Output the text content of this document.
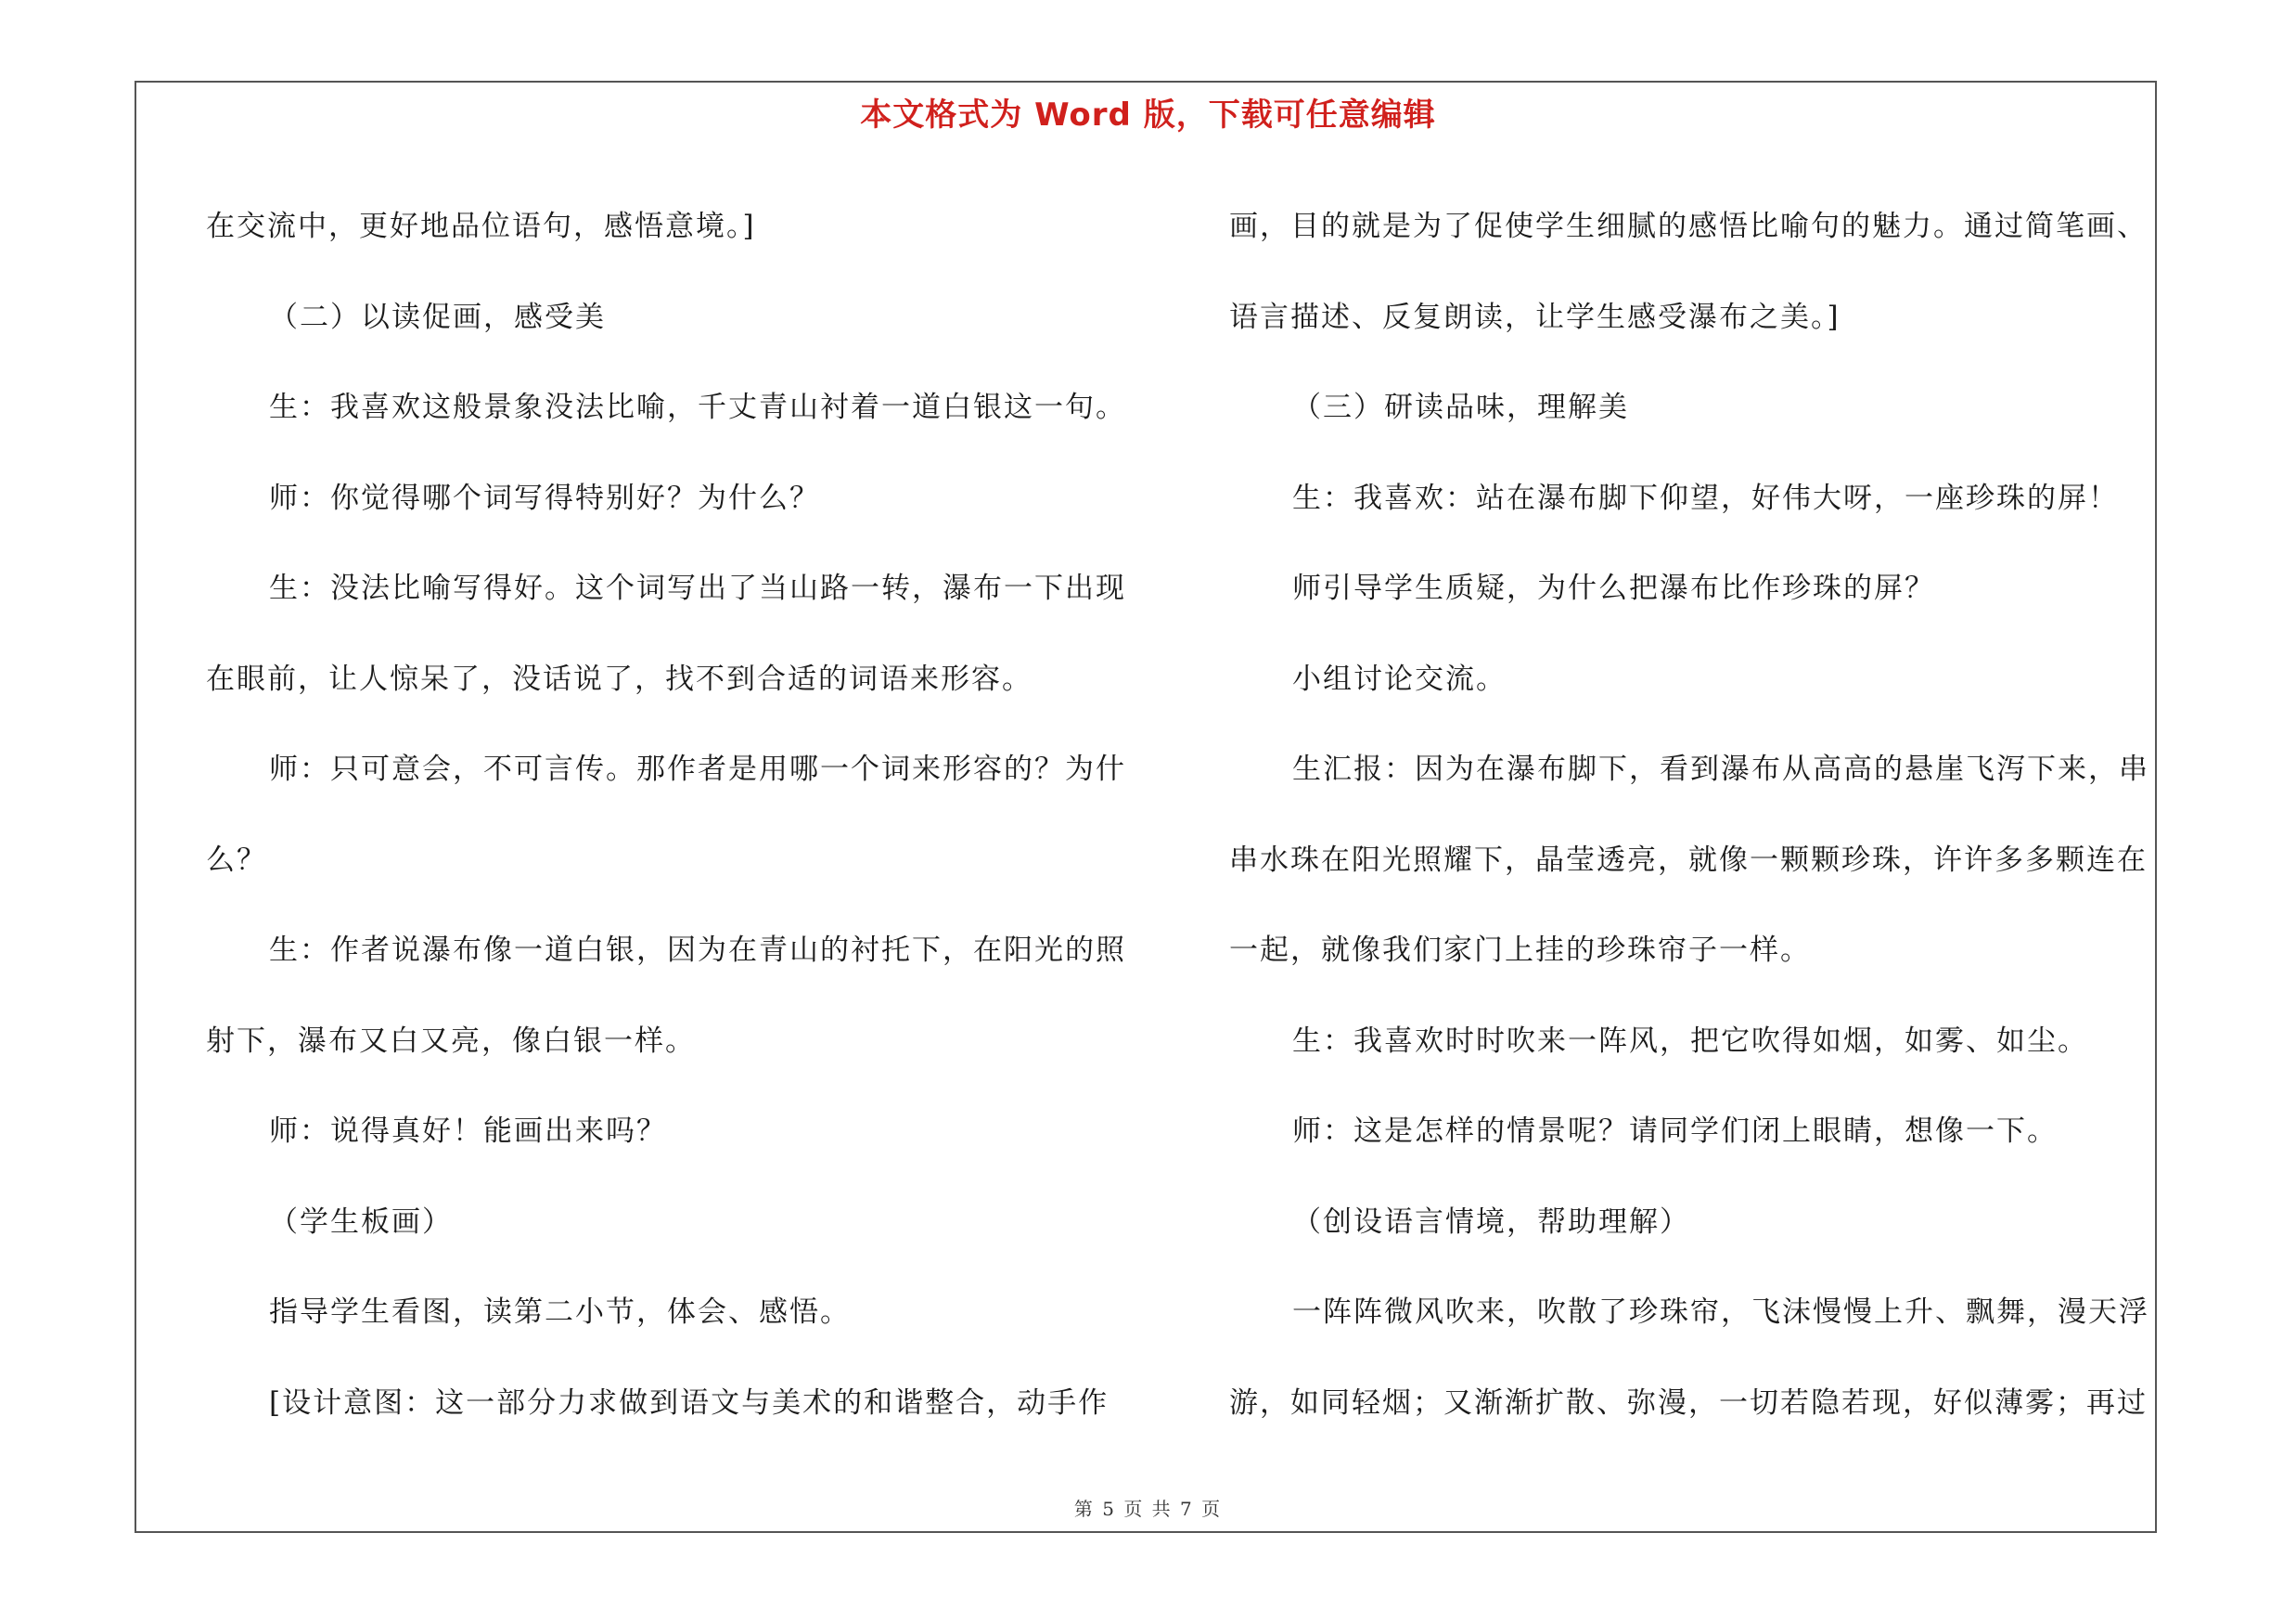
本文格式为 Word 版，下载可任意编辑
在交流中，更好地品位语句，感悟意境。]
（二）以读促画，感受美
生：我喜欢这般景象没法比喻，千丈青山衬着一道白银这一句。
师：你觉得哪个词写得特别好？为什么？
生：没法比喻写得好。这个词写出了当山路一转，瀑布一下出现
在眼前，让人惊呆了，没话说了，找不到合适的词语来形容。
师：只可意会，不可言传。那作者是用哪一个词来形容的？为什
么？
生：作者说瀑布像一道白银，因为在青山的衬托下，在阳光的照
射下，瀑布又白又亮，像白银一样。
师：说得真好！能画出来吗？
（学生板画）
指导学生看图，读第二小节，体会、感悟。
[设计意图：这一部分力求做到语文与美术的和谐整合，动手作
画，目的就是为了促使学生细腻的感悟比喻句的魅力。通过简笔画、
语言描述、反复朗读，让学生感受瀑布之美。]
（三）研读品味，理解美
生：我喜欢：站在瀑布脚下仰望，好伟大呀，一座珍珠的屏！
师引导学生质疑，为什么把瀑布比作珍珠的屏？
小组讨论交流。
生汇报：因为在瀑布脚下，看到瀑布从高高的悬崖飞泻下来，串
串水珠在阳光照耀下，晶莹透亮，就像一颗颗珍珠，许许多多颗连在
一起，就像我们家门上挂的珍珠帘子一样。
生：我喜欢时时吹来一阵风，把它吹得如烟，如雾、如尘。
师：这是怎样的情景呢？请同学们闭上眼睛，想像一下。
（创设语言情境，帮助理解）
一阵阵微风吹来，吹散了珍珠帘，飞沫慢慢上升、飘舞，漫天浮
游，如同轻烟；又渐渐扩散、弥漫，一切若隐若现，好似薄雾；再过
第 5 页 共 7 页
